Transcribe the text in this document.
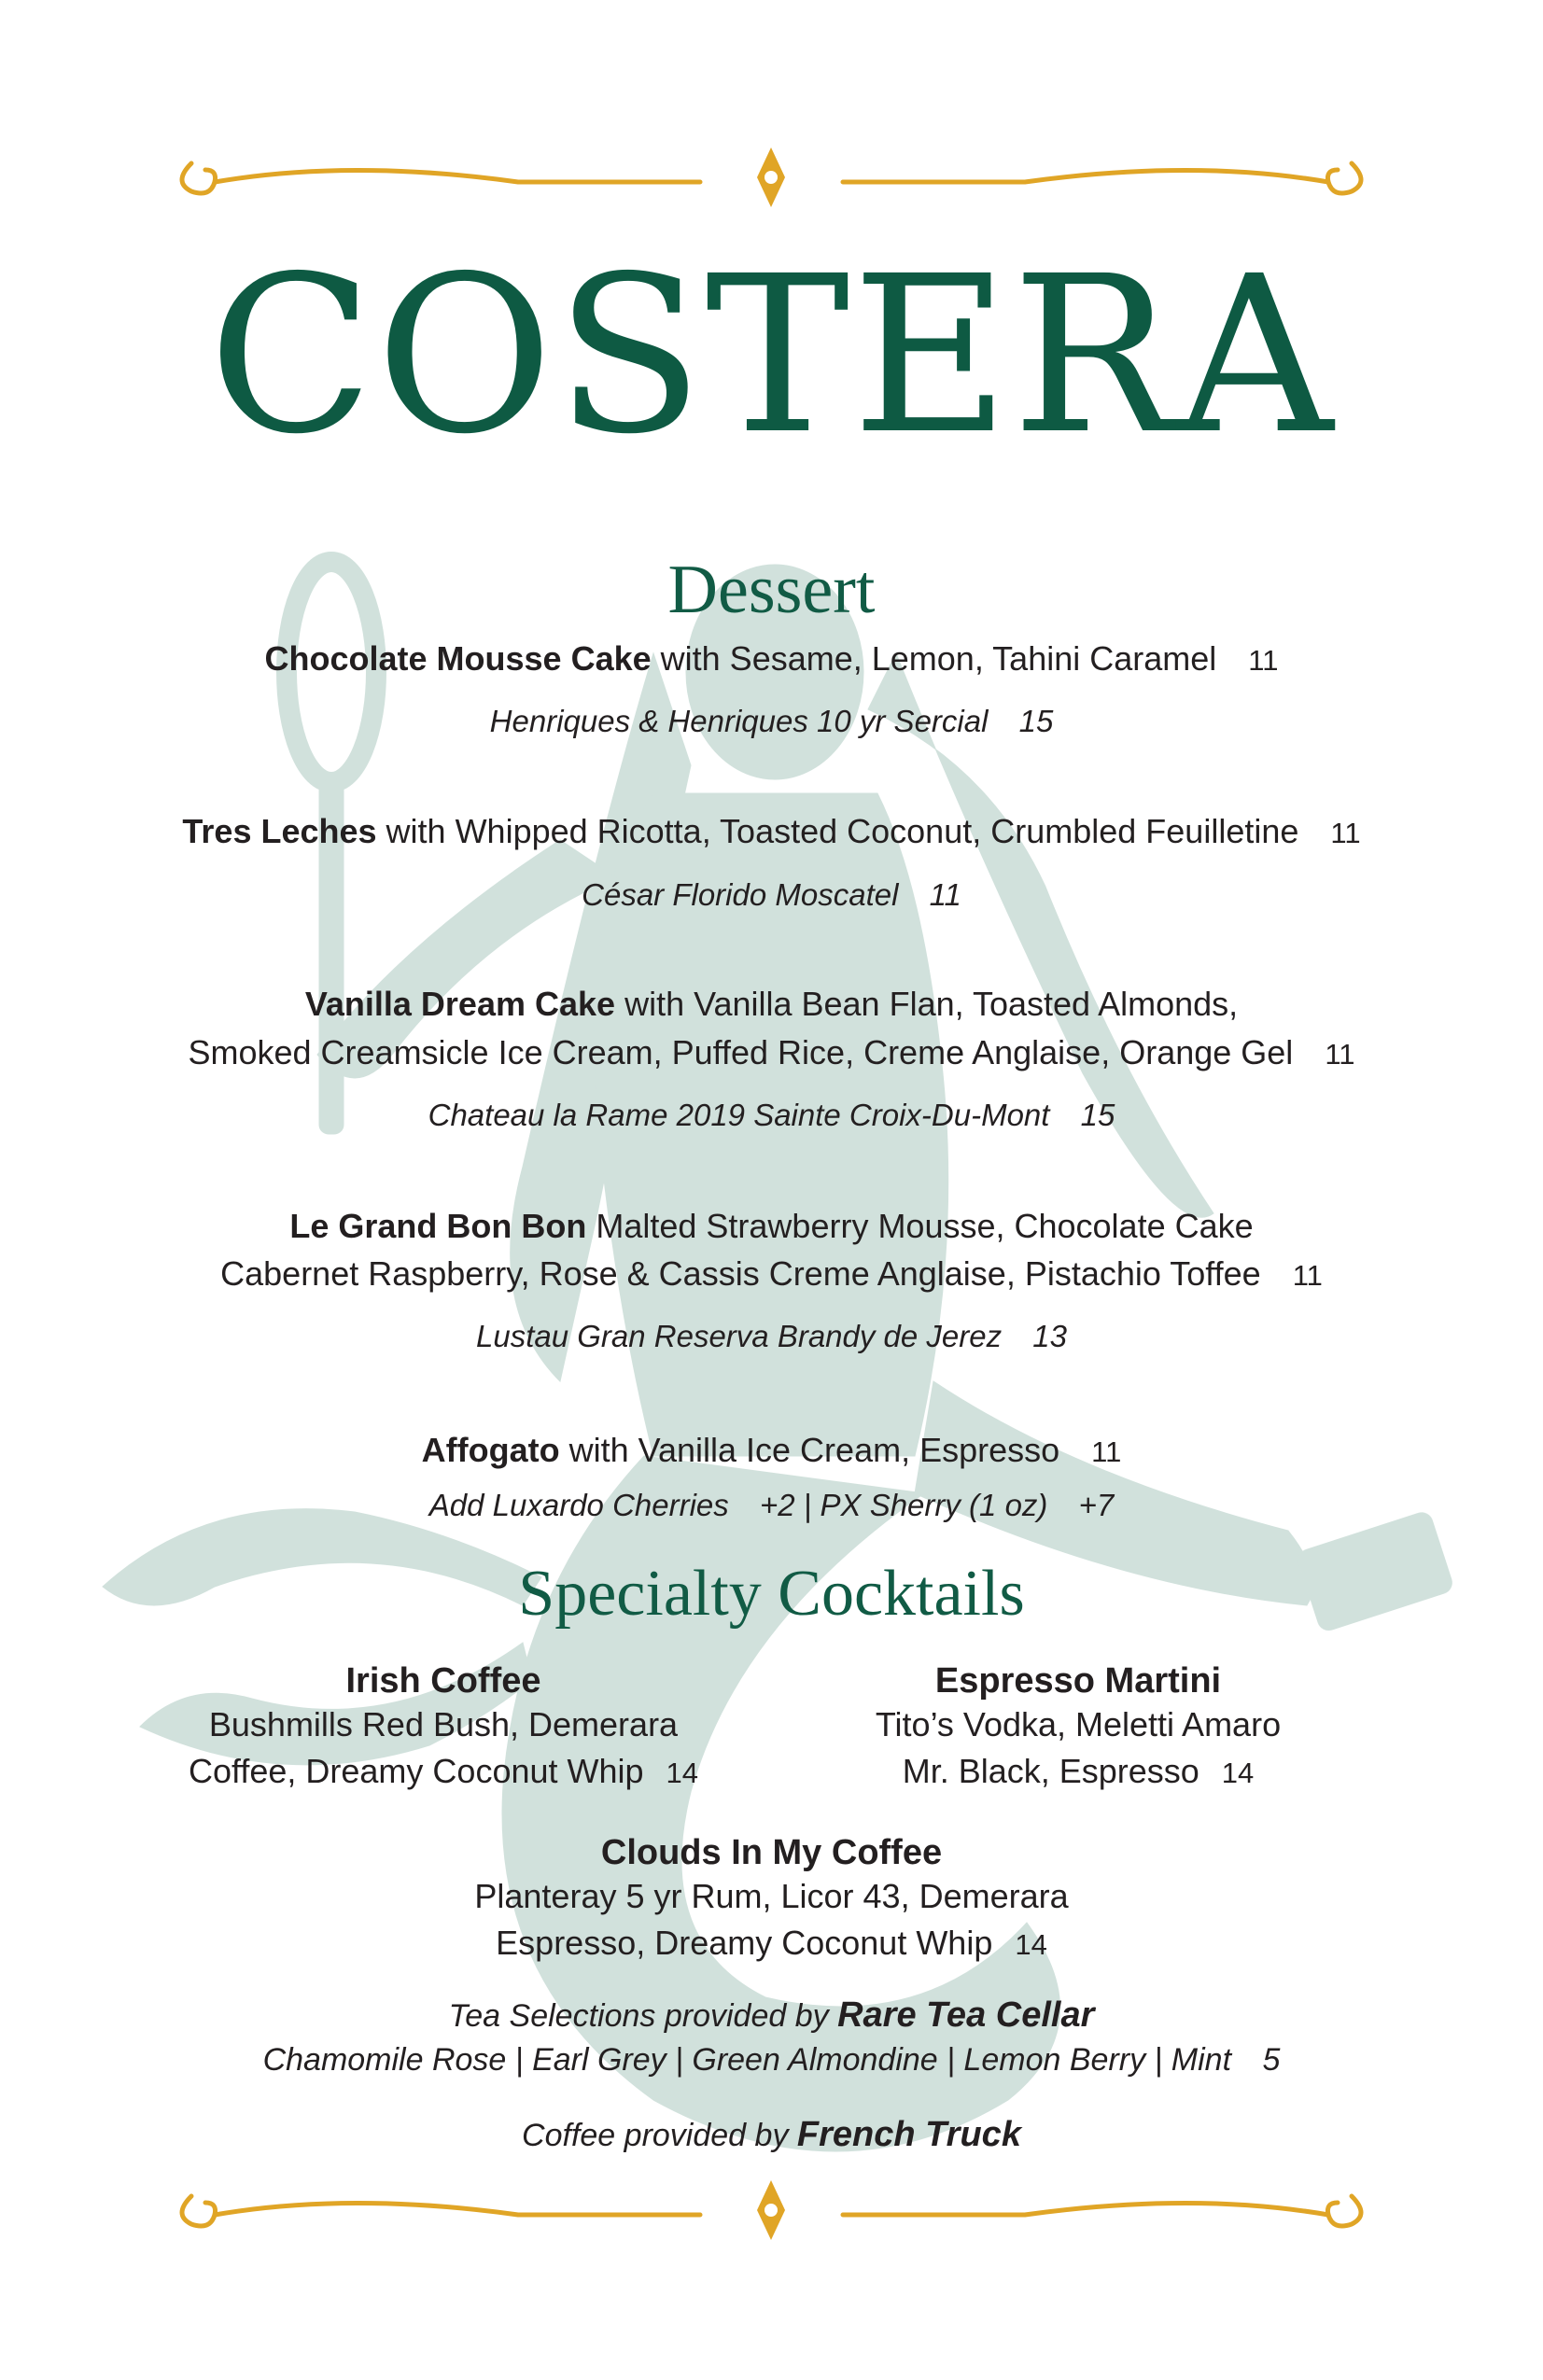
COSTERA
Dessert
Chocolate Mousse Cake with Sesame, Lemon, Tahini Caramel 11
Henriques & Henriques 10 yr Sercial 15
Tres Leches with Whipped Ricotta, Toasted Coconut, Crumbled Feuilletine 11
César Florido Moscatel 11
Vanilla Dream Cake with Vanilla Bean Flan, Toasted Almonds,
Smoked Creamsicle Ice Cream, Puffed Rice, Creme Anglaise, Orange Gel 11
Chateau la Rame 2019 Sainte Croix-Du-Mont 15
Le Grand Bon Bon Malted Strawberry Mousse, Chocolate Cake
Cabernet Raspberry, Rose & Cassis Creme Anglaise, Pistachio Toffee 11
Lustau Gran Reserva Brandy de Jerez 13
Affogato with Vanilla Ice Cream, Espresso 11
Add Luxardo Cherries +2 | PX Sherry (1 oz) +7
Specialty Cocktails
Irish Coffee
Bushmills Red Bush, Demerara
Coffee, Dreamy Coconut Whip 14
Espresso Martini
Tito’s Vodka, Meletti Amaro
Mr. Black, Espresso 14
Clouds In My Coffee
Planteray 5 yr Rum, Licor 43, Demerara
Espresso, Dreamy Coconut Whip 14
Tea Selections provided by Rare Tea Cellar
Chamomile Rose | Earl Grey | Green Almondine | Lemon Berry | Mint 5
Coffee provided by French Truck
